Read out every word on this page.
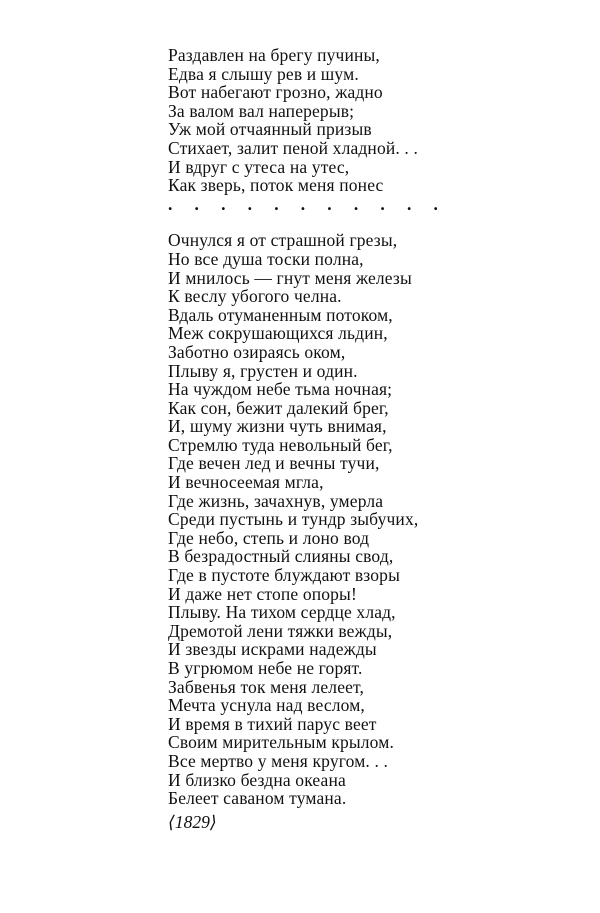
Раздавлен на брегу пучины,
Едва я слышу рев и шум.
Вот набегают грозно, жадно
За валом вал наперерыв;
Уж мой отчаянный призыв
Стихает, залит пеной хладной. . .
И вдруг с утеса на утес,
Как зверь, поток меня понес
. . . . . . . . . . .
Очнулся я от страшной грезы,
Но все душа тоски полна,
И мнилось — гнут меня железы
К веслу убогого челна.
Вдаль отуманенным потоком,
Меж сокрушающихся льдин,
Заботно озираясь оком,
Плыву я, грустен и один.
На чуждом небе тьма ночная;
Как сон, бежит далекий брег,
И, шуму жизни чуть внимая,
Стремлю туда невольный бег,
Где вечен лед и вечны тучи,
И вечносеемая мгла,
Где жизнь, зачахнув, умерла
Среди пустынь и тундр зыбучих,
Где небо, степь и лоно вод
В безрадостный слияны свод,
Где в пустоте блуждают взоры
И даже нет стопе опоры!
Плыву. На тихом сердце хлад,
Дремотой лени тяжки вежды,
И звезды искрами надежды
В угрюмом небе не горят.
Забвенья ток меня лелеет,
Мечта уснула над веслом,
И время в тихий парус веет
Своим мирительным крылом.
Все мертво у меня кругом. . .
И близко бездна океана
Белеет саваном тумана.
⟨1829⟩
